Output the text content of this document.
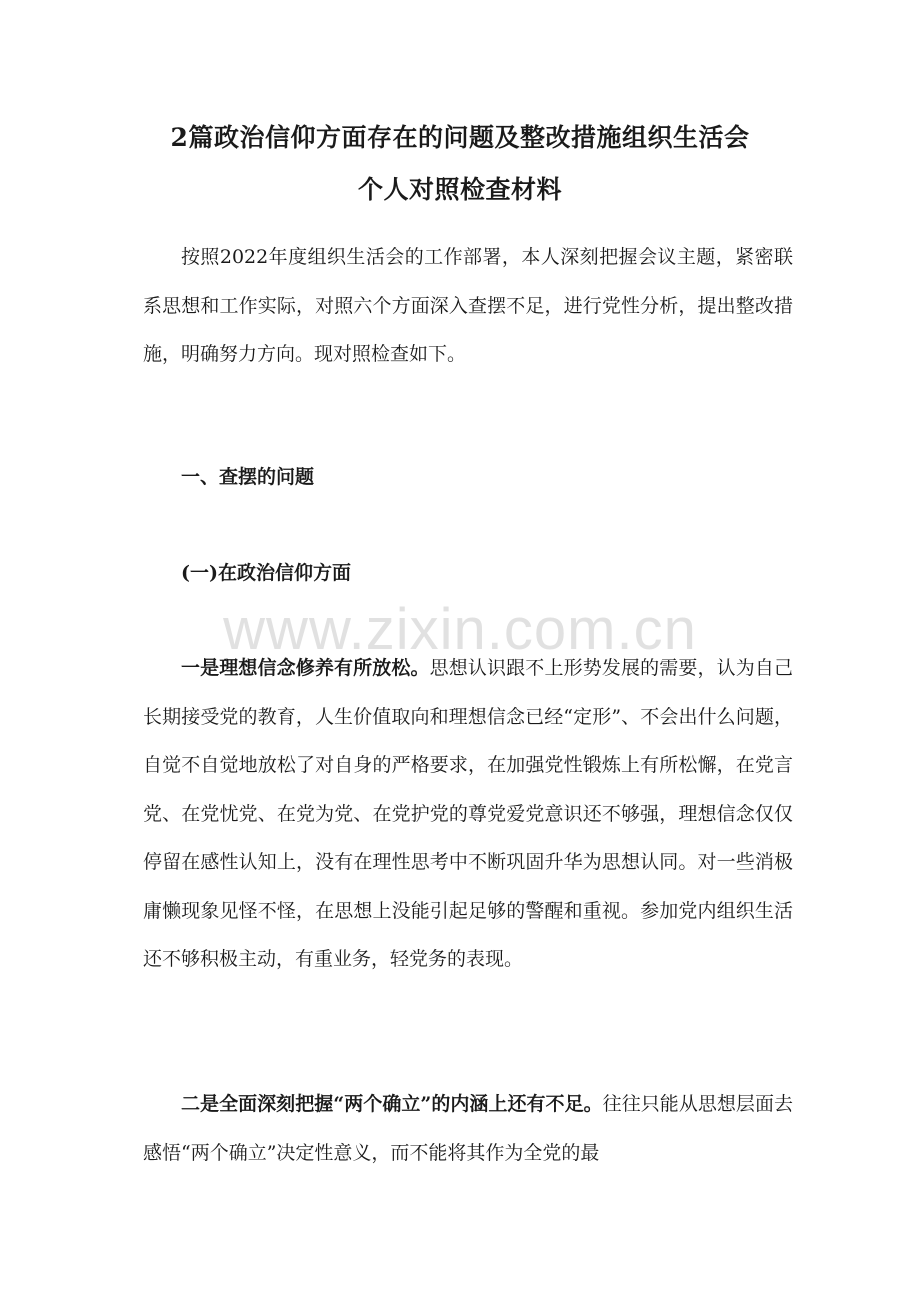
2篇政治信仰方面存在的问题及整改措施组织生活会
个人对照检查材料

按照2022年度组织生活会的工作部署，本人深刻把握会议主题，紧密联系思想和工作实际，对照六个方面深入查摆不足，进行党性分析，提出整改措施，明确努力方向。现对照检查如下。

一、查摆的问题
(一)在政治信仰方面

一是理想信念修养有所放松。思想认识跟不上形势发展的需要，认为自己长期接受党的教育，人生价值取向和理想信念已经“定形”、不会出什么问题，自觉不自觉地放松了对自身的严格要求，在加强党性锻炼上有所松懈，在党言党、在党忧党、在党为党、在党护党的尊党爱党意识还不够强，理想信念仅仅停留在感性认知上，没有在理性思考中不断巩固升华为思想认同。对一些消极庸懒现象见怪不怪，在思想上没能引起足够的警醒和重视。参加党内组织生活还不够积极主动，有重业务，轻党务的表现。

二是全面深刻把握“两个确立”的内涵上还有不足。往往只能从思想层面去感悟“两个确立”决定性意义，而不能将其作为全党的最

www.zixin.com.cn
